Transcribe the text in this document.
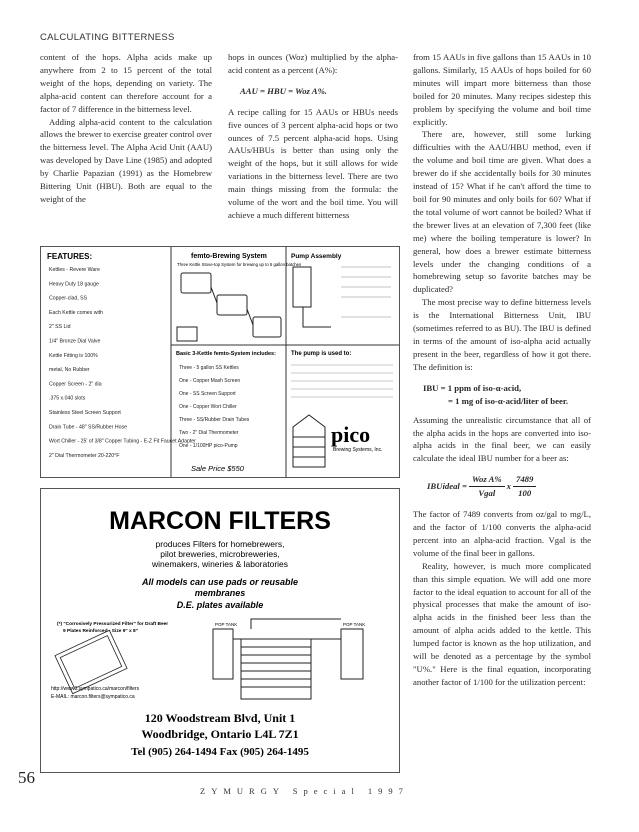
CALCULATING BITTERNESS

content of the hops. Alpha acids make up anywhere from 2 to 15 percent of the total weight of the hops, depending on variety. The alpha-acid content can therefore account for a factor of 7 difference in the bitterness level.

Adding alpha-acid content to the calculation allows the brewer to exercise greater control over the bitterness level. The Alpha Acid Unit (AAU) was developed by Dave Line (1985) and adopted by Charlie Papazian (1991) as the Homebrew Bittering Unit (HBU). Both are equal to the weight of the

hops in ounces (Woz) multiplied by the alpha-acid content as a percent (A%):

AAU = HBU = Woz A%.

A recipe calling for 15 AAUs or HBUs needs five ounces of 3 percent alpha-acid hops or two ounces of 7.5 percent alpha-acid hops. Using AAUs/HBUs is better than using only the weight of the hops, but it still allows for wide variations in the bitterness level. There are two main things missing from the formula: the volume of the wort and the boil time. You will achieve a much different bitterness

from 15 AAUs in five gallons than 15 AAUs in 10 gallons. Similarly, 15 AAUs of hops boiled for 60 minutes will impart more bitterness than those boiled for 20 minutes. Many recipes sidestep this problem by specifying the volume and boil time explicitly.

There are, however, still some lurking difficulties with the AAU/HBU method, even if the volume and boil time are given. What does a brewer do if she accidentally boils for 30 minutes instead of 15? What if he can't afford the time to boil for 90 minutes and only boils for 60? What if the total volume of wort cannot be boiled? What if the brewer lives at an elevation of 7,300 feet (like me) where the boiling temperature is lower? In general, how does a brewer estimate bitterness levels under the changing conditions of a homebrewing setup so favorite batches may be duplicated?

The most precise way to define bitterness levels is the International Bitterness Unit, IBU (sometimes referred to as BU). The IBU is defined in terms of the amount of iso-alpha acid actually present in the beer, regardless of how it got there. The definition is:

IBU = 1 ppm of iso-α-acid,
= 1 mg of iso-α-acid/liter of beer.

Assuming the unrealistic circumstance that all of the alpha acids in the hops are converted into iso-alpha acids in the final beer, we can easily calculate the ideal IBU number for a beer as:

IBUideal = $\frac{\text{Woz A\%}}{\text{Vgal}}$ x $\frac{7489}{100}$

The factor of 7489 converts from oz/gal to mg/L, and the factor of 1/100 converts the alpha-acid percent into an alpha-acid fraction. Vgal is the volume of the final beer in gallons.

Reality, however, is much more complicated than this simple equation. We will add one more factor to the ideal equation to account for all of the physical processes that make the amount of iso-alpha acids in the finished beer less than the amount of alpha acids added to the kettle. This lumped factor is known as the hop utilization, and will be denoted as a percentage by the symbol "U%." Here is the final equation, incorporating another factor of 1/100 for the utilization percent:

FEATURES:
Kettles - Revere Ware
Heavy Duty 18 gauge
Copper-clad, SS
Each Kettle comes with
2" SS Lid
1/4" Bronze Dial Valve
Kettle Fitting is 100%
metal, No Rubber
Copper Screen - 2" dia
.375 x.040 slots
Stainless Steel Screen Support
Drain Tube - 48" SS/Rubber Hose
Wort Chiller - 25' of 3/8" Copper Tubing - E-Z Fit Faucet Adapter
2" Dial Thermometer 20-220°F
femto-Brewing System
Three Kettle Stove-top System for brewing up to 5 gallon batches
Pump Assembly
Basic 3-Kettle femto-System includes:
Three - 5 gallon SS Kettles
One - Copper Mash Screen
One - SS Screen Support
One - Copper Wort Chiller
Three - SS/Rubber Drain Tubes
Two - 2" Dial Thermometer
One - 1/100HP pico-Pump
Sale Price $550
The pump is used to:
pico
Brewing Systems, Inc.
MARCON FILTERS
produces Filters for homebrewers,
pilot breweries, microbreweries,
winemakers, wineries & laboratories
All models can use pads or reusable
membranes
D.E. plates available
(*) "Corrosively Pressurized Filter" for Draft Beer
9 Plates Reinforced - Size 9" x 8"
POP TANK	POP TANK
http://www3.sympatico.ca/marcon/filters
E-MAIL: marcon.filters@sympatico.ca
120 Woodstream Blvd, Unit 1
Woodbridge, Ontario L4L 7Z1
Tel (905) 264-1494 Fax (905) 264-1495
56
ZYMURGY Special 1997
